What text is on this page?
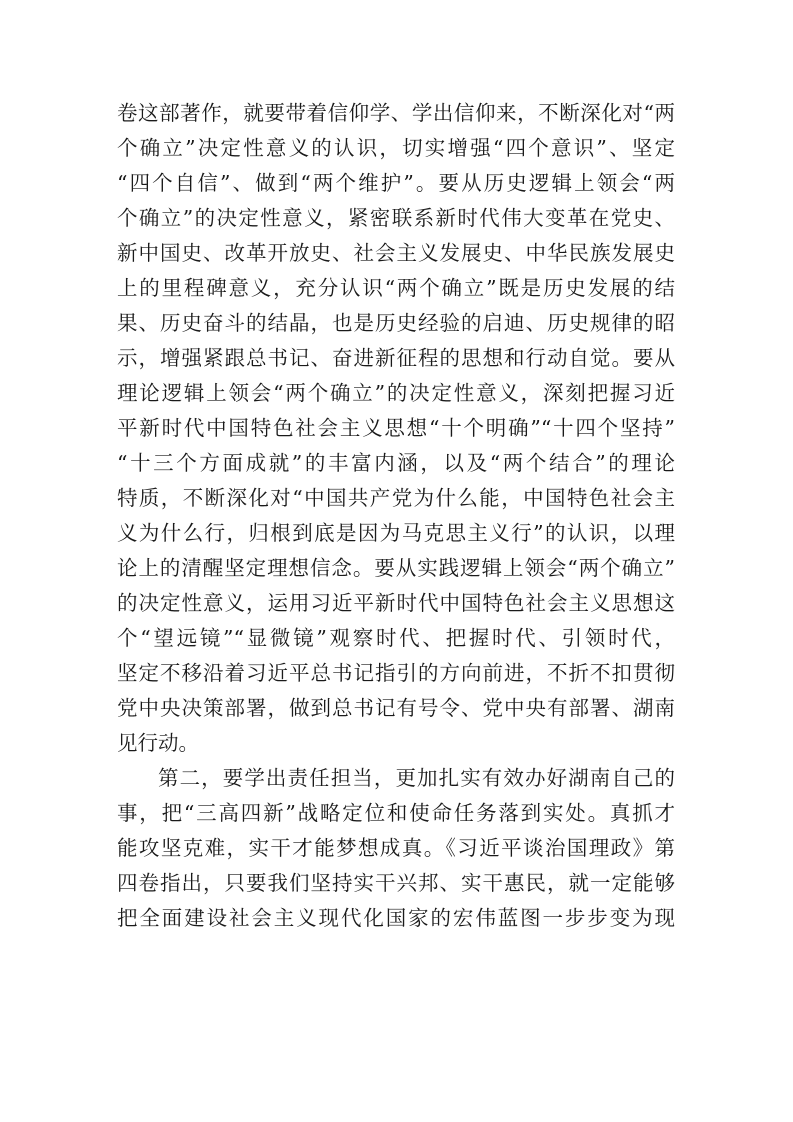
卷这部著作，就要带着信仰学、学出信仰来，不断深化对“两
个确立”决定性意义的认识，切实增强“四个意识”、坚定
“四个自信”、做到“两个维护”。要从历史逻辑上领会“两
个确立”的决定性意义，紧密联系新时代伟大变革在党史、
新中国史、改革开放史、社会主义发展史、中华民族发展史
上的里程碑意义，充分认识“两个确立”既是历史发展的结
果、历史奋斗的结晶，也是历史经验的启迪、历史规律的昭
示，增强紧跟总书记、奋进新征程的思想和行动自觉。要从
理论逻辑上领会“两个确立”的决定性意义，深刻把握习近
平新时代中国特色社会主义思想“十个明确”“十四个坚持”
“十三个方面成就”的丰富内涵，以及“两个结合”的理论
特质，不断深化对“中国共产党为什么能，中国特色社会主
义为什么行，归根到底是因为马克思主义行”的认识，以理
论上的清醒坚定理想信念。要从实践逻辑上领会“两个确立”
的决定性意义，运用习近平新时代中国特色社会主义思想这
个“望远镜”“显微镜”观察时代、把握时代、引领时代，
坚定不移沿着习近平总书记指引的方向前进，不折不扣贯彻
党中央决策部署，做到总书记有号令、党中央有部署、湖南
见行动。
第二，要学出责任担当，更加扎实有效办好湖南自己的
事，把“三高四新”战略定位和使命任务落到实处。真抓才
能攻坚克难，实干才能梦想成真。《习近平谈治国理政》第
四卷指出，只要我们坚持实干兴邦、实干惠民，就一定能够
把全面建设社会主义现代化国家的宏伟蓝图一步步变为现
